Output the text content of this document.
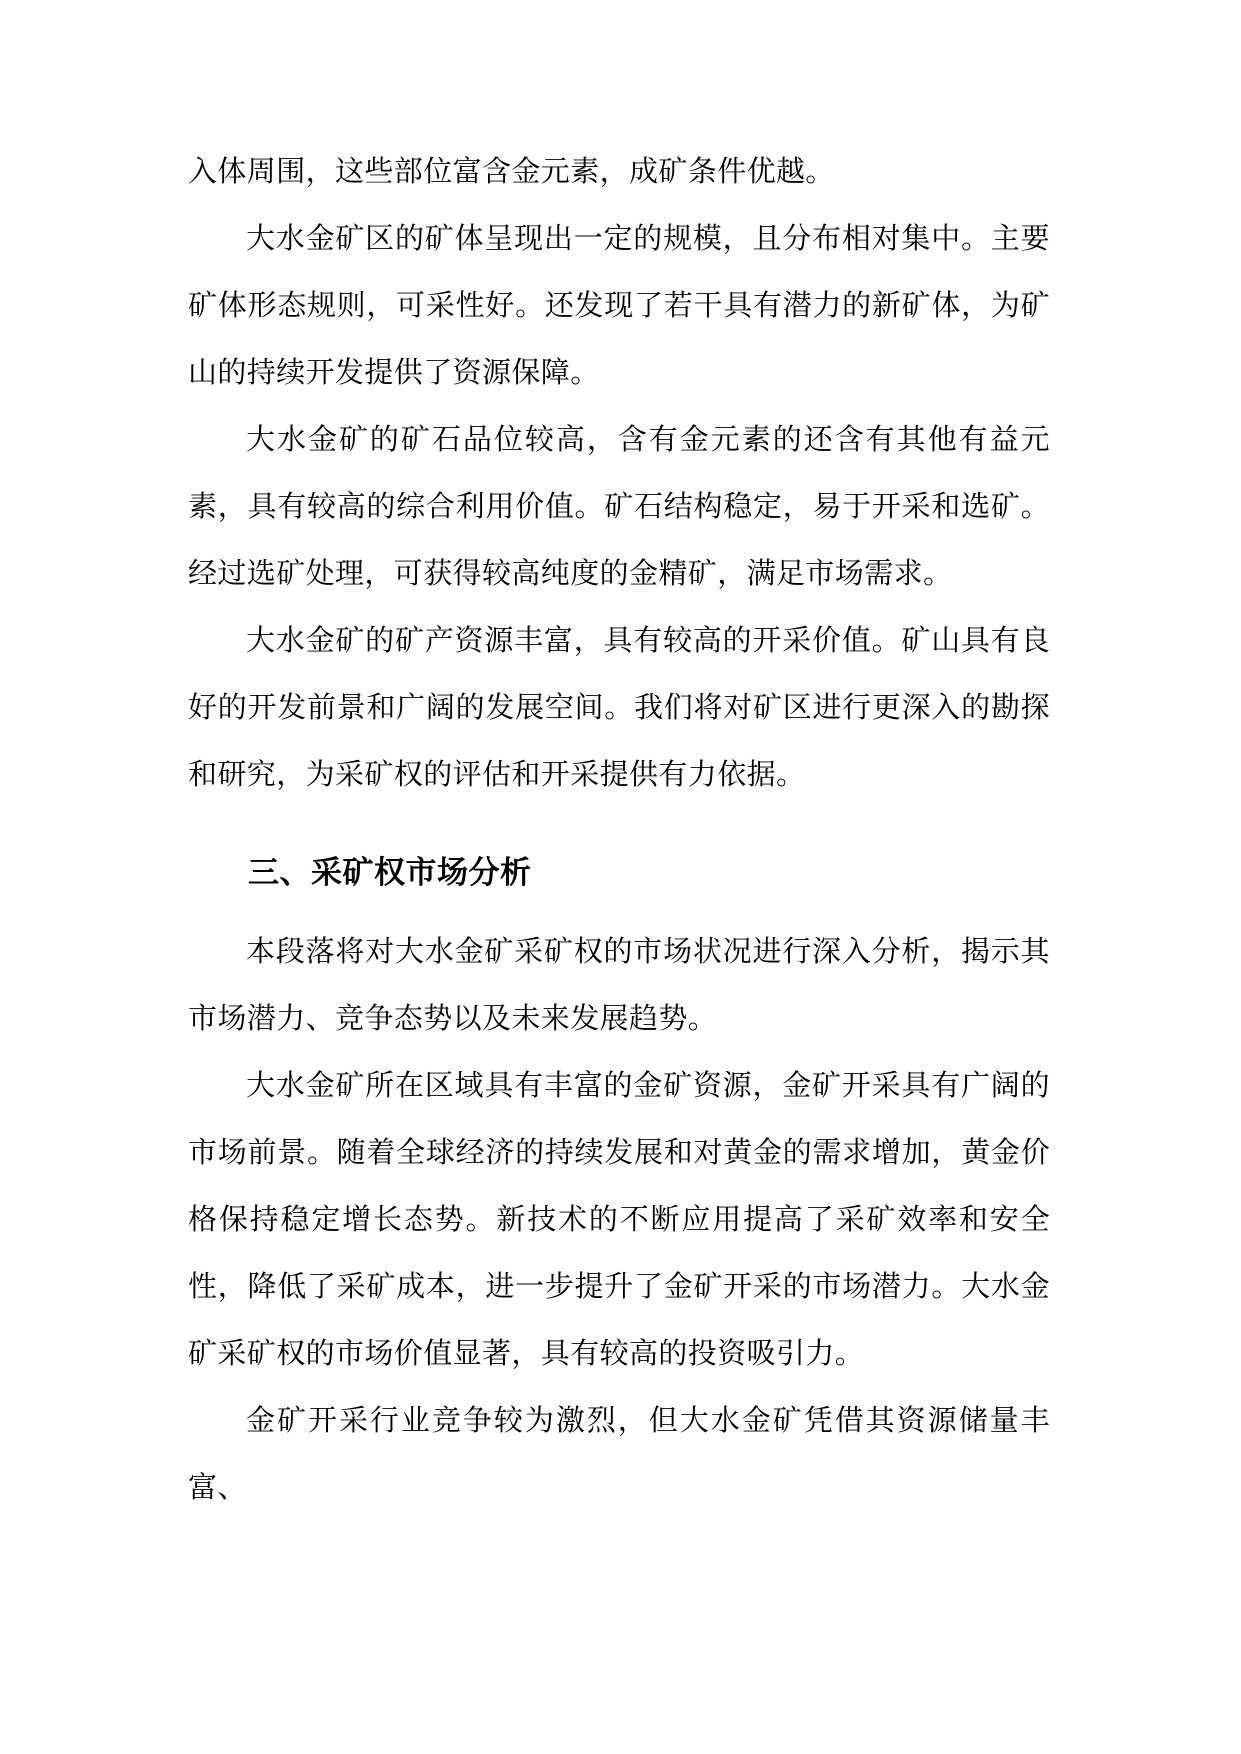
入体周围，这些部位富含金元素，成矿条件优越。

大水金矿区的矿体呈现出一定的规模，且分布相对集中。主要矿体形态规则，可采性好。还发现了若干具有潜力的新矿体，为矿山的持续开发提供了资源保障。

大水金矿的矿石品位较高，含有金元素的还含有其他有益元素，具有较高的综合利用价值。矿石结构稳定，易于开采和选矿。经过选矿处理，可获得较高纯度的金精矿，满足市场需求。

大水金矿的矿产资源丰富，具有较高的开采价值。矿山具有良好的开发前景和广阔的发展空间。我们将对矿区进行更深入的勘探和研究，为采矿权的评估和开采提供有力依据。

三、采矿权市场分析

本段落将对大水金矿采矿权的市场状况进行深入分析，揭示其市场潜力、竞争态势以及未来发展趋势。

大水金矿所在区域具有丰富的金矿资源，金矿开采具有广阔的市场前景。随着全球经济的持续发展和对黄金的需求增加，黄金价格保持稳定增长态势。新技术的不断应用提高了采矿效率和安全性，降低了采矿成本，进一步提升了金矿开采的市场潜力。大水金矿采矿权的市场价值显著，具有较高的投资吸引力。

金矿开采行业竞争较为激烈，但大水金矿凭借其资源储量丰富、
